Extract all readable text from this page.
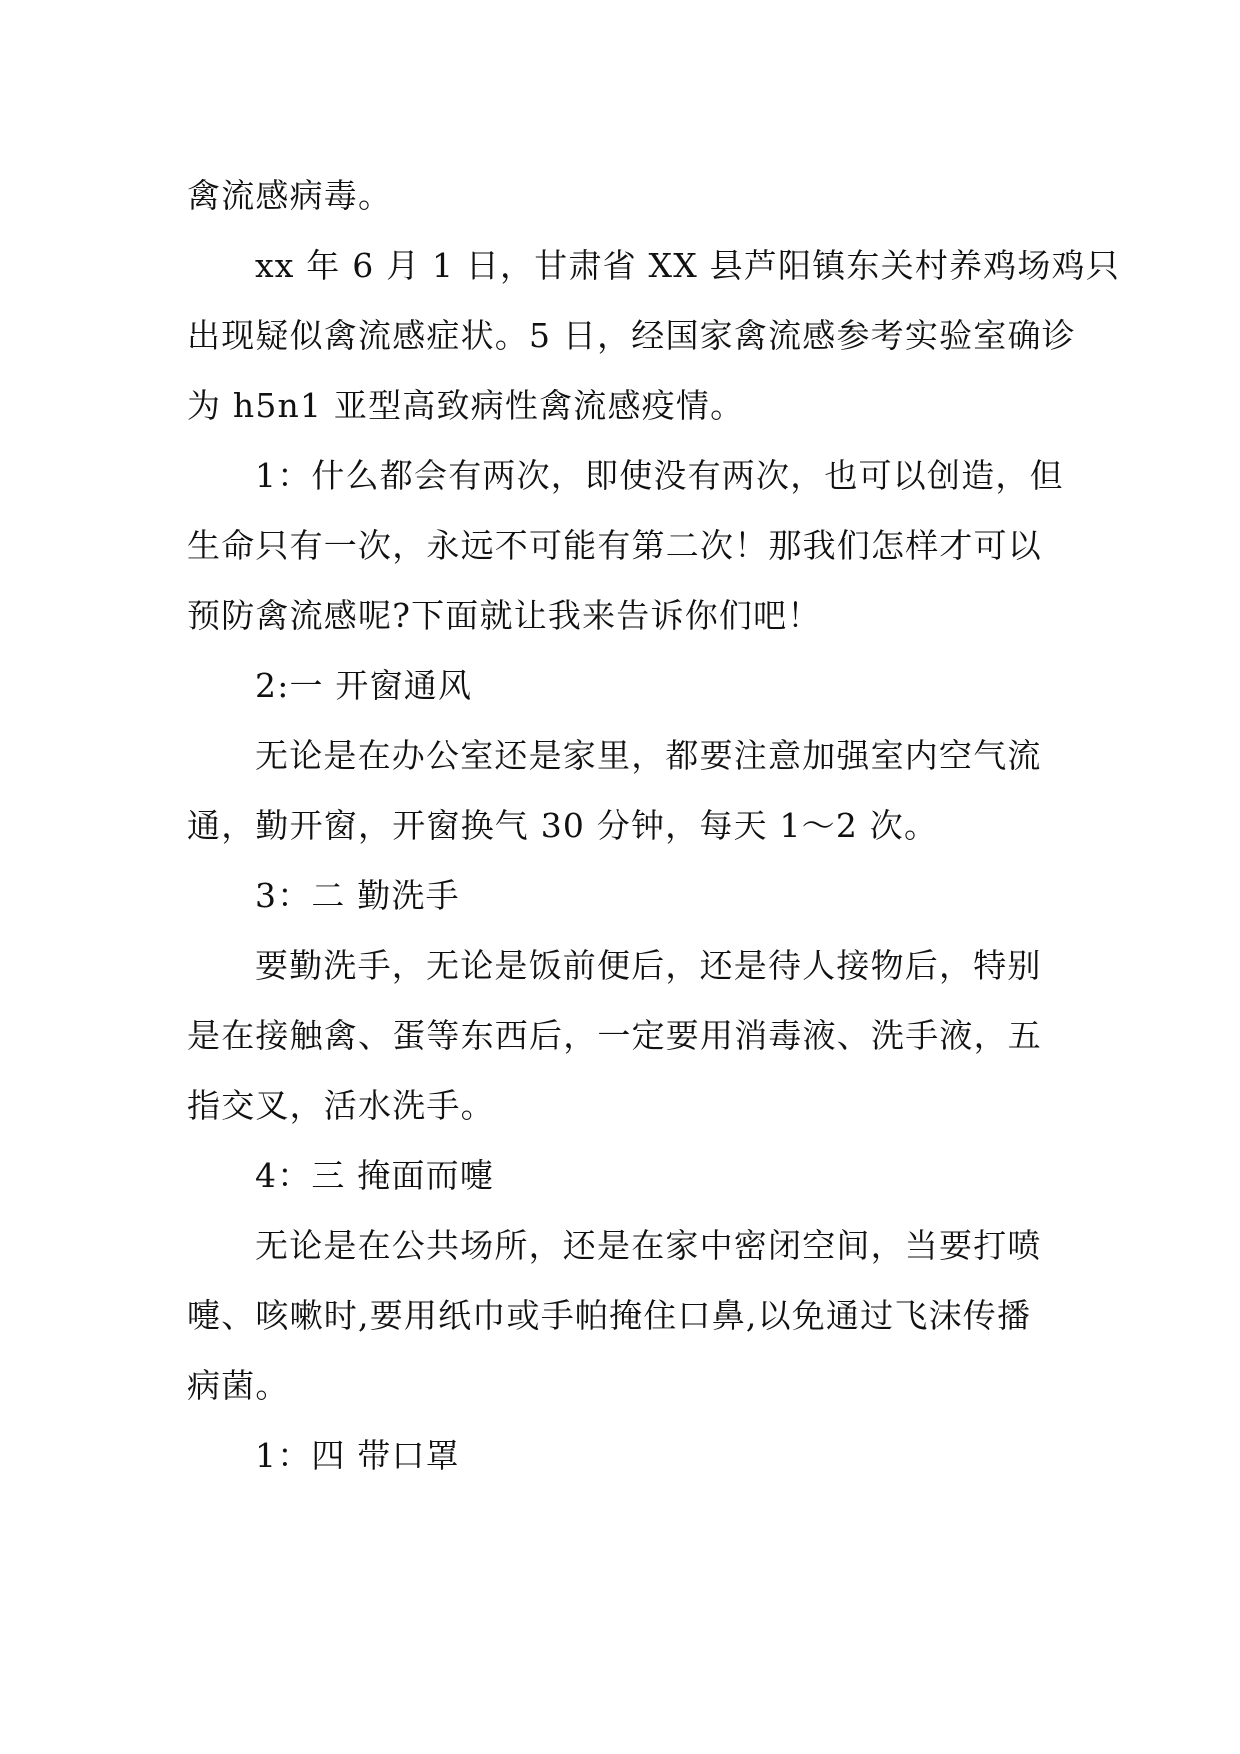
禽流感病毒。
xx 年 6 月 1 日，甘肃省 XX 县芦阳镇东关村养鸡场鸡只
出现疑似禽流感症状。5 日，经国家禽流感参考实验室确诊
为 h5n1 亚型高致病性禽流感疫情。
1：什么都会有两次，即使没有两次，也可以创造，但
生命只有一次，永远不可能有第二次！那我们怎样才可以
预防禽流感呢?下面就让我来告诉你们吧！
2:一 开窗通风
无论是在办公室还是家里，都要注意加强室内空气流
通，勤开窗，开窗换气 30 分钟，每天 1～2 次。
3：二 勤洗手
要勤洗手，无论是饭前便后，还是待人接物后，特别
是在接触禽、蛋等东西后，一定要用消毒液、洗手液，五
指交叉，活水洗手。
4：三 掩面而嚏
无论是在公共场所，还是在家中密闭空间，当要打喷
嚏、咳嗽时,要用纸巾或手帕掩住口鼻,以免通过飞沫传播
病菌。
1：四 带口罩
